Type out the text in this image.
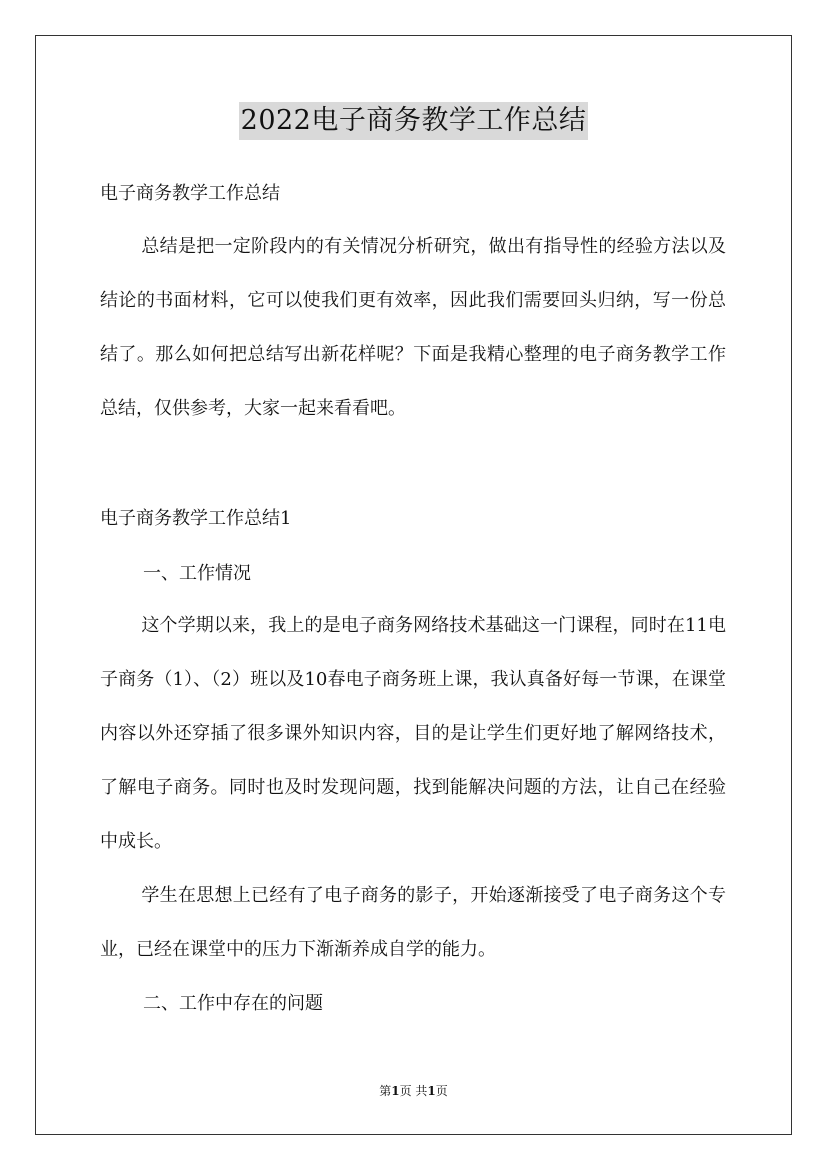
2022电子商务教学工作总结
电子商务教学工作总结

总结是把一定阶段内的有关情况分析研究，做出有指导性的经验方法以及结论的书面材料，它可以使我们更有效率，因此我们需要回头归纳，写一份总结了。那么如何把总结写出新花样呢？下面是我精心整理的电子商务教学工作总结，仅供参考，大家一起来看看吧。

电子商务教学工作总结1
一、工作情况

这个学期以来，我上的是电子商务网络技术基础这一门课程，同时在11电子商务（1）、（2）班以及10春电子商务班上课，我认真备好每一节课，在课堂内容以外还穿插了很多课外知识内容，目的是让学生们更好地了解网络技术，了解电子商务。同时也及时发现问题，找到能解决问题的方法，让自己在经验中成长。

学生在思想上已经有了电子商务的影子，开始逐渐接受了电子商务这个专业，已经在课堂中的压力下渐渐养成自学的能力。

二、工作中存在的问题
第1页 共1页
